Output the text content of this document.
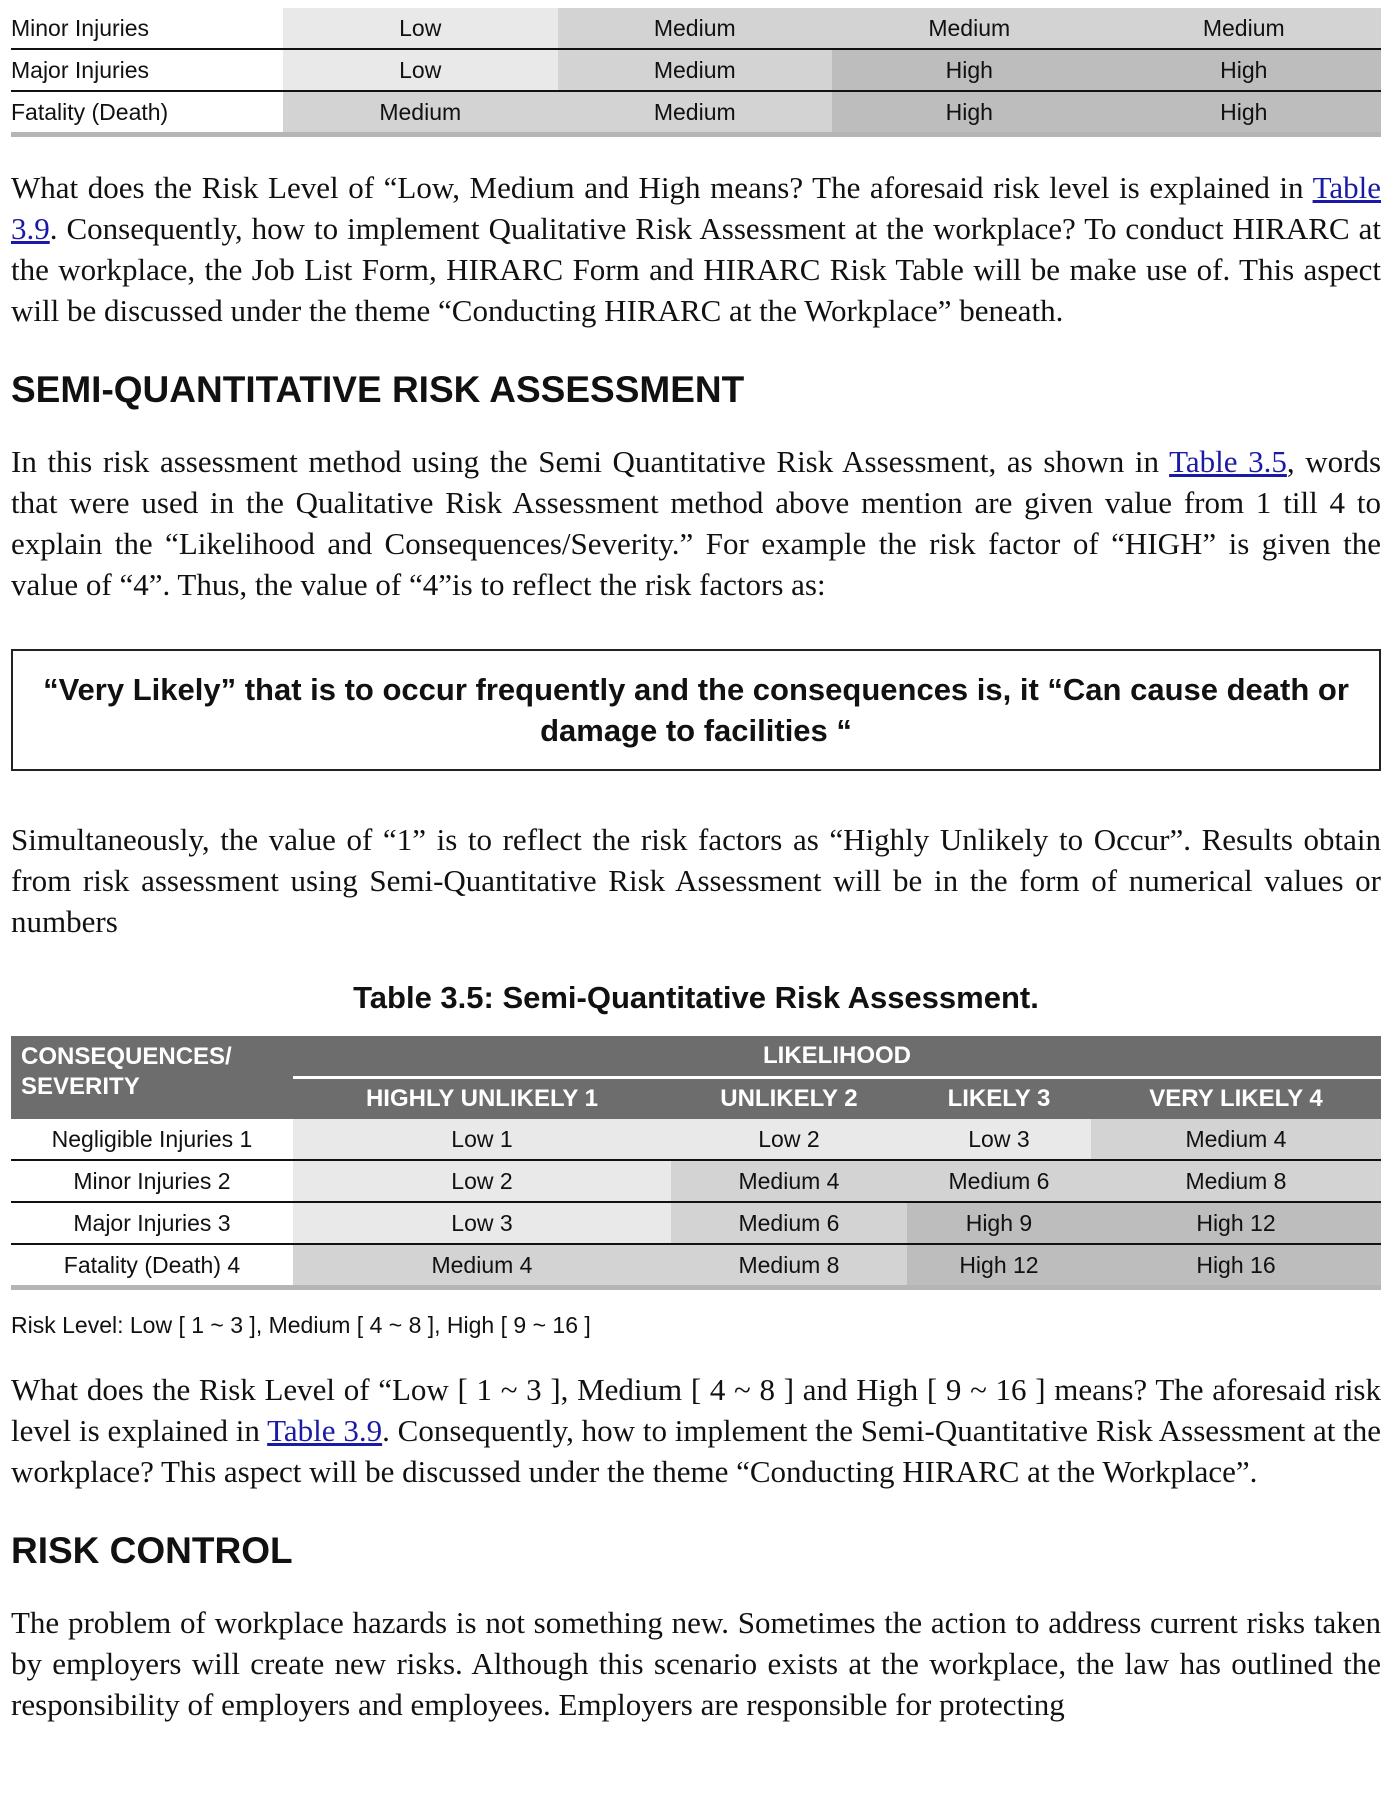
Minor Injuries	Low	Medium	Medium	Medium
Major Injuries	Low	Medium	High	High
Fatality (Death)	Medium	Medium	High	High

What does the Risk Level of “Low, Medium and High means? The aforesaid risk level is explained in Table 3.9. Consequently, how to implement Qualitative Risk Assessment at the workplace? To conduct HIRARC at the workplace, the Job List Form, HIRARC Form and HIRARC Risk Table will be make use of. This aspect will be discussed under the theme “Conducting HIRARC at the Workplace” beneath.

SEMI-QUANTITATIVE RISK ASSESSMENT

In this risk assessment method using the Semi Quantitative Risk Assessment, as shown in Table 3.5, words that were used in the Qualitative Risk Assessment method above mention are given value from 1 till 4 to explain the “Likelihood and Consequences/Severity.” For example the risk factor of “HIGH” is given the value of “4”. Thus, the value of “4”is to reflect the risk factors as:

“Very Likely” that is to occur frequently and the consequences is, it “Can cause death or damage to facilities “

Simultaneously, the value of “1” is to reflect the risk factors as “Highly Unlikely to Occur”. Results obtain from risk assessment using Semi-Quantitative Risk Assessment will be in the form of numerical values or numbers

Table 3.5: Semi-Quantitative Risk Assessment.
CONSEQUENCES/ SEVERITY	LIKELIHOOD			
	HIGHLY UNLIKELY 1	UNLIKELY 2	LIKELY 3	VERY LIKELY 4
Negligible Injuries 1	Low 1	Low 2	Low 3	Medium 4
Minor Injuries 2	Low 2	Medium 4	Medium 6	Medium 8
Major Injuries 3	Low 3	Medium 6	High 9	High 12
Fatality (Death) 4	Medium 4	Medium 8	High 12	High 16
Risk Level: Low [ 1 ~ 3 ], Medium [ 4 ~ 8 ], High [ 9 ~ 16 ]

What does the Risk Level of “Low [ 1 ~ 3 ], Medium [ 4 ~ 8 ] and High [ 9 ~ 16 ] means? The aforesaid risk level is explained in Table 3.9. Consequently, how to implement the Semi-Quantitative Risk Assessment at the workplace? This aspect will be discussed under the theme “Conducting HIRARC at the Workplace”.

RISK CONTROL

The problem of workplace hazards is not something new. Sometimes the action to address current risks taken by employers will create new risks. Although this scenario exists at the workplace, the law has outlined the responsibility of employers and employees. Employers are responsible for protecting
